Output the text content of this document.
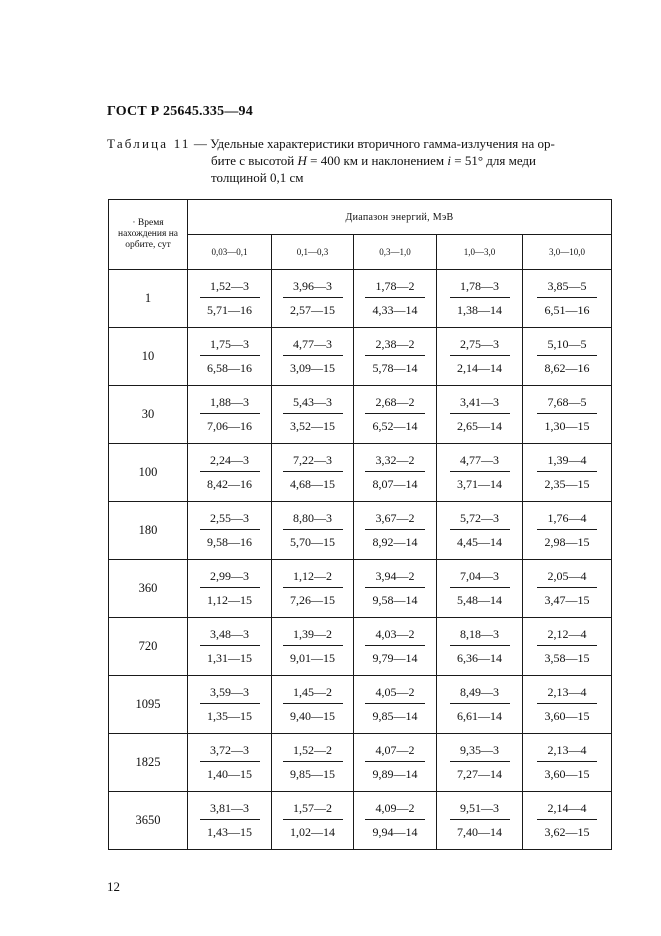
ГОСТ Р 25645.335—94
Таблица 11 — Удельные характеристики вторичного гамма-излучения на ор-
бите с высотой H = 400 км и наклонением i = 51° для меди
толщиной 0,1 см
· Время нахождения на орбите, сут	Диапазон энергий, МэВ				
	0,03—0,1	0,1—0,3	0,3—1,0	1,0—3,0	3,0—10,0
1	$\frac{1,52—3}{5,71—16}$	$\frac{3,96—3}{2,57—15}$	$\frac{1,78—2}{4,33—14}$	$\frac{1,78—3}{1,38—14}$	$\frac{3,85—5}{6,51—16}$

10	$\frac{1,75—3}{6,58—16}$	$\frac{4,77—3}{3,09—15}$	$\frac{2,38—2}{5,78—14}$	$\frac{2,75—3}{2,14—14}$	$\frac{5,10—5}{8,62—16}$

30	$\frac{1,88—3}{7,06—16}$	$\frac{5,43—3}{3,52—15}$	$\frac{2,68—2}{6,52—14}$	$\frac{3,41—3}{2,65—14}$	$\frac{7,68—5}{1,30—15}$

100	$\frac{2,24—3}{8,42—16}$	$\frac{7,22—3}{4,68—15}$	$\frac{3,32—2}{8,07—14}$	$\frac{4,77—3}{3,71—14}$	$\frac{1,39—4}{2,35—15}$

180	$\frac{2,55—3}{9,58—16}$	$\frac{8,80—3}{5,70—15}$	$\frac{3,67—2}{8,92—14}$	$\frac{5,72—3}{4,45—14}$	$\frac{1,76—4}{2,98—15}$

360	$\frac{2,99—3}{1,12—15}$	$\frac{1,12—2}{7,26—15}$	$\frac{3,94—2}{9,58—14}$	$\frac{7,04—3}{5,48—14}$	$\frac{2,05—4}{3,47—15}$

720	$\frac{3,48—3}{1,31—15}$	$\frac{1,39—2}{9,01—15}$	$\frac{4,03—2}{9,79—14}$	$\frac{8,18—3}{6,36—14}$	$\frac{2,12—4}{3,58—15}$

1095	$\frac{3,59—3}{1,35—15}$	$\frac{1,45—2}{9,40—15}$	$\frac{4,05—2}{9,85—14}$	$\frac{8,49—3}{6,61—14}$	$\frac{2,13—4}{3,60—15}$

1825	$\frac{3,72—3}{1,40—15}$	$\frac{1,52—2}{9,85—15}$	$\frac{4,07—2}{9,89—14}$	$\frac{9,35—3}{7,27—14}$	$\frac{2,13—4}{3,60—15}$

3650	$\frac{3,81—3}{1,43—15}$	$\frac{1,57—2}{1,02—14}$	$\frac{4,09—2}{9,94—14}$	$\frac{9,51—3}{7,40—14}$	$\frac{2,14—4}{3,62—15}$
12
